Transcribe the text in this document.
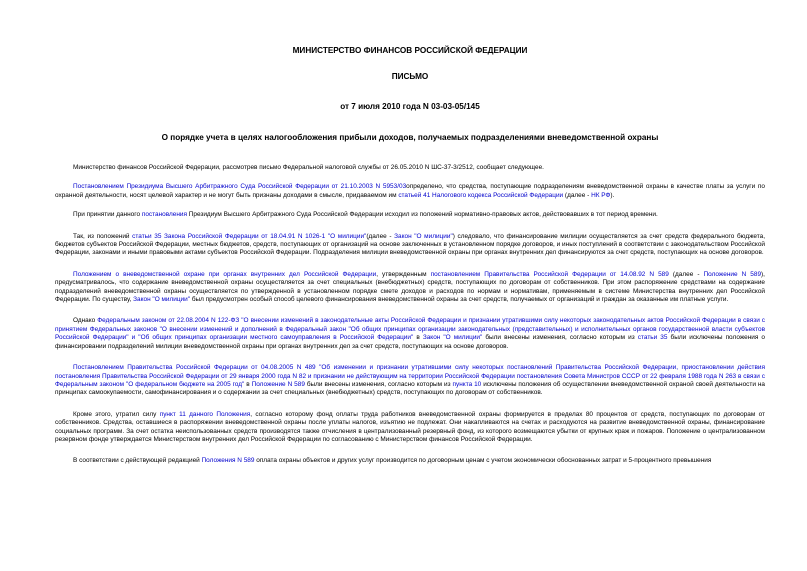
МИНИСТЕРСТВО ФИНАНСОВ РОССИЙСКОЙ ФЕДЕРАЦИИ
ПИСЬМО
от 7 июля 2010 года N 03-03-05/145
О порядке учета в целях налогообложения прибыли доходов, получаемых подразделениями вневедомственной охраны

Министерство финансов Российской Федерации, рассмотрев письмо Федеральной налоговой службы от 26.05.2010 N ШС-37-3/2512, сообщает следующее.

Постановлением Президиума Высшего Арбитражного Суда Российской Федерации от 21.10.2003 N 5953/03определено, что средства, поступающие подразделениям вневедомственной охраны в качестве платы за услуги по охранной деятельности, носят целевой характер и не могут быть признаны доходами в смысле, придаваемом им статьей 41 Налогового кодекса Российской Федерации (далее - НК РФ).

При принятии данного постановления Президиум Высшего Арбитражного Суда Российской Федерации исходил из положений нормативно-правовых актов, действовавших в тот период времени.

Так, из положений статьи 35 Закона Российской Федерации от 18.04.91 N 1026-1 "О милиции"(далее - Закон "О милиции") следовало, что финансирование милиции осуществляется за счет средств федерального бюджета, бюджетов субъектов Российской Федерации, местных бюджетов, средств, поступающих от организаций на основе заключенных в установленном порядке договоров, и иных поступлений в соответствии с законодательством Российской Федерации, законами и иными правовыми актами субъектов Российской Федерации. Подразделения милиции вневедомственной охраны при органах внутренних дел финансируются за счет средств, поступающих на основе договоров.

Положением о вневедомственной охране при органах внутренних дел Российской Федерации, утвержденным постановлением Правительства Российской Федерации от 14.08.92 N 589 (далее - Положение N 589), предусматривалось, что содержание вневедомственной охраны осуществляется за счет специальных (внебюджетных) средств, поступающих по договорам от собственников. При этом распоряжение средствами на содержание подразделений вневедомственной охраны осуществляется по утвержденной в установленном порядке смете доходов и расходов по нормам и нормативам, применяемым в системе Министерства внутренних дел Российской Федерации. По существу, Закон "О милиции" был предусмотрен особый способ целевого финансирования вневедомственной охраны за счет средств, получаемых от организаций и граждан за оказанные им платные услуги.

Однако Федеральным законом от 22.08.2004 N 122-ФЗ "О внесении изменений в законодательные акты Российской Федерации и признании утратившими силу некоторых законодательных актов Российской Федерации в связи с принятием Федеральных законов "О внесении изменений и дополнений в Федеральный закон "Об общих принципах организации законодательных (представительных) и исполнительных органов государственной власти субъектов Российской Федерации" и "Об общих принципах организации местного самоуправления в Российской Федерации" в Закон "О милиции" были внесены изменения, согласно которым из статьи 35 были исключены положения о финансировании подразделений милиции вневедомственной охраны при органах внутренних дел за счет средств, поступающих на основе договоров.

Постановлением Правительства Российской Федерации от 04.08.2005 N 489 "Об изменении и признании утратившими силу некоторых постановлений Правительства Российской Федерации, приостановлении действия постановления Правительства Российской Федерации от 29 января 2000 года N 82 и признании не действующим на территории Российской Федерации постановления Совета Министров СССР от 22 февраля 1988 года N 263 в связи с Федеральным законом "О федеральном бюджете на 2005 год" в Положение N 589 были внесены изменения, согласно которым из пункта 10 исключены положения об осуществлении вневедомственной охраной своей деятельности на принципах самоокупаемости, самофинансирования и о содержании за счет специальных (внебюджетных) средств, поступающих по договорам от собственников.

Кроме этого, утратил силу пункт 11 данного Положения, согласно которому фонд оплаты труда работников вневедомственной охраны формируется в пределах 80 процентов от средств, поступающих по договорам от собственников. Средства, оставшиеся в распоряжении вневедомственной охраны после уплаты налогов, изъятию не подлежат. Они накапливаются на счетах и расходуются на развитие вневедомственной охраны, финансирование социальных программ. За счет остатка неиспользованных средств производятся также отчисления в централизованный резервный фонд, из которого возмещаются убытки от крупных краж и пожаров. Положение о централизованном резервном фонде утверждается Министерством внутренних дел Российской Федерации по согласованию с Министерством финансов Российской Федерации.

В соответствии с действующей редакцией Положения N 589 оплата охраны объектов и других услуг производится по договорным ценам с учетом экономически обоснованных затрат и 5-процентного превышения
